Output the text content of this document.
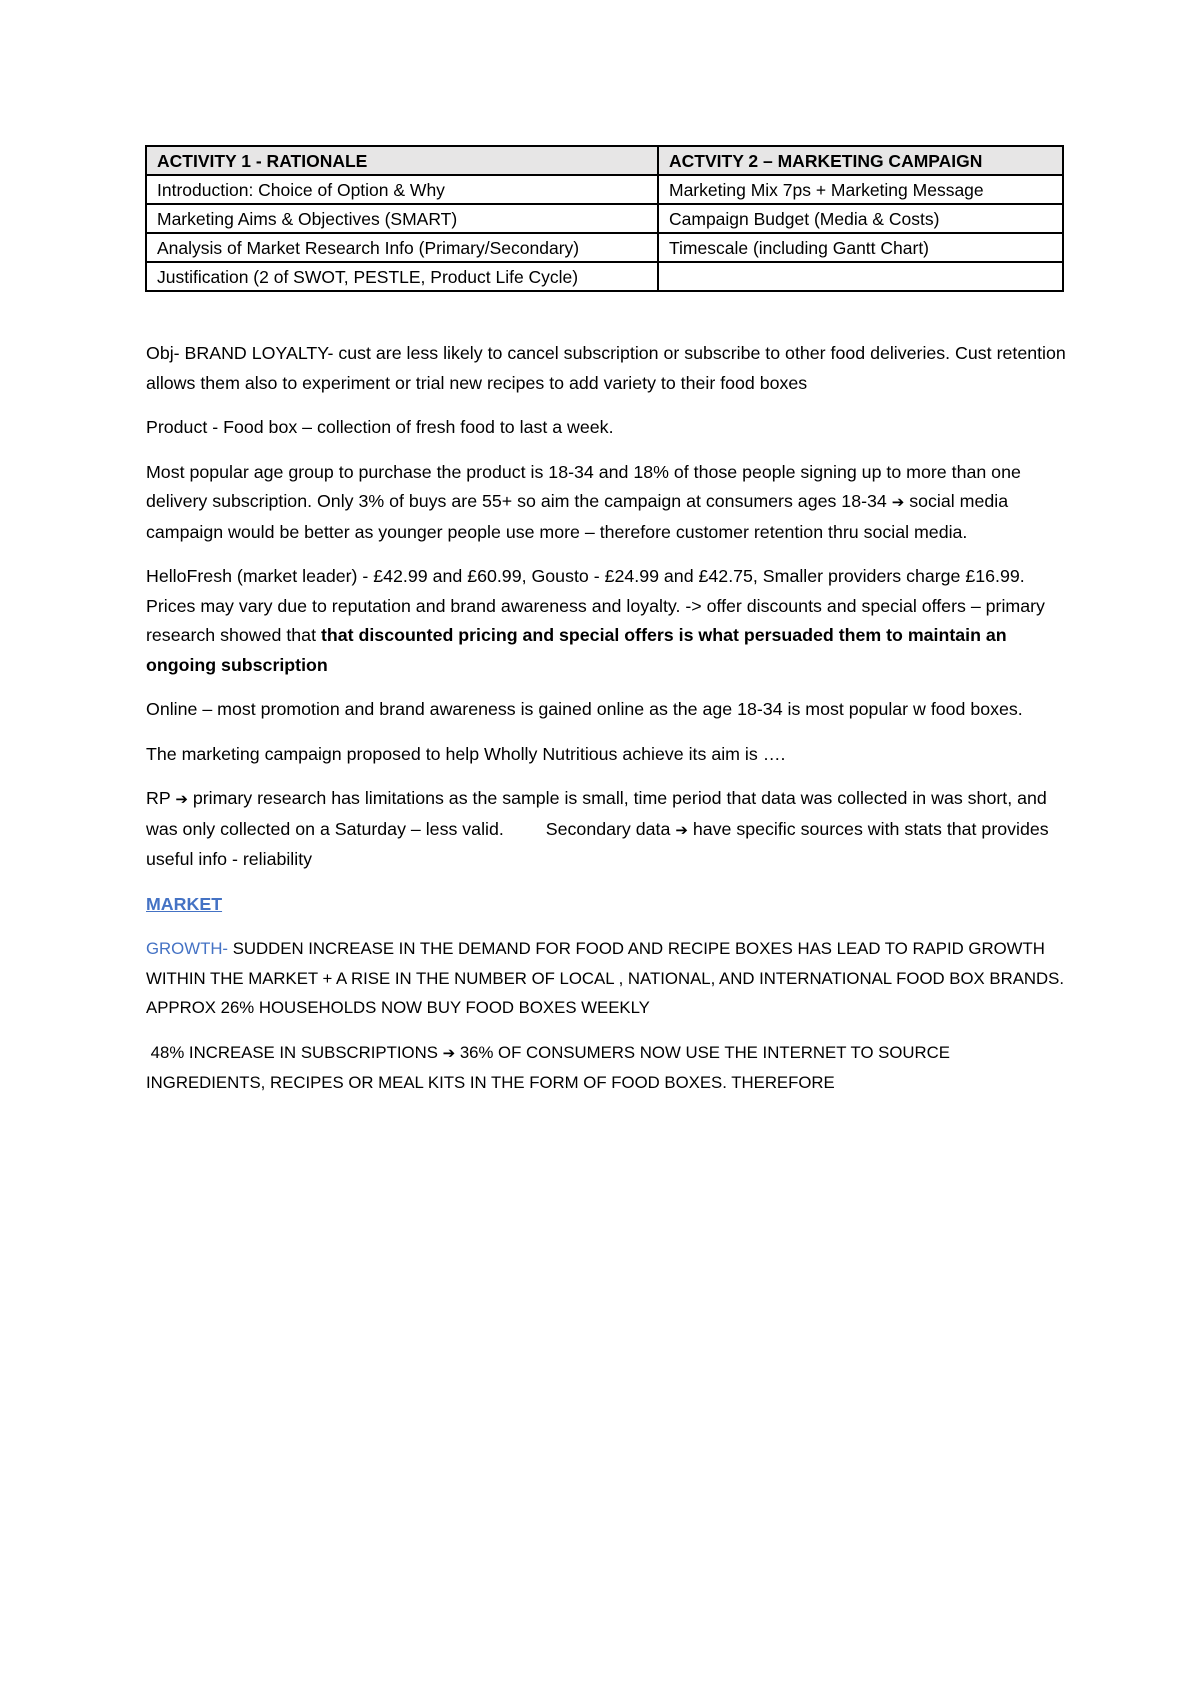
ACTIVITY 1 - RATIONALE	ACTVITY 2 – MARKETING CAMPAIGN
Introduction: Choice of Option & Why	Marketing Mix 7ps + Marketing Message
Marketing Aims & Objectives (SMART)	Campaign Budget (Media & Costs)
Analysis of Market Research Info (Primary/Secondary)	Timescale (including Gantt Chart)
Justification (2 of SWOT, PESTLE, Product Life Cycle)	

Obj- BRAND LOYALTY- cust are less likely to cancel subscription or subscribe to other food deliveries. Cust retention allows them also to experiment or trial new recipes to add variety to their food boxes

Product - Food box – collection of fresh food to last a week.

Most popular age group to purchase the product is 18-34 and 18% of those people signing up to more than one delivery subscription. Only 3% of buys are 55+ so aim the campaign at consumers ages 18-34 ➔ social media campaign would be better as younger people use more – therefore customer retention thru social media.

HelloFresh (market leader) - £42.99 and £60.99, Gousto - £24.99 and £42.75, Smaller providers charge £16.99. Prices may vary due to reputation and brand awareness and loyalty. -> offer discounts and special offers – primary research showed that that discounted pricing and special offers is what persuaded them to maintain an ongoing subscription

Online – most promotion and brand awareness is gained online as the age 18-34 is most popular w food boxes.

The marketing campaign proposed to help Wholly Nutritious achieve its aim is ….

RP ➔ primary research has limitations as the sample is small, time period that data was collected in was short, and was only collected on a Saturday – less valid. Secondary data ➔ have specific sources with stats that provides useful info - reliability

MARKET

GROWTH- SUDDEN INCREASE IN THE DEMAND FOR FOOD AND RECIPE BOXES HAS LEAD TO RAPID GROWTH WITHIN THE MARKET + A RISE IN THE NUMBER OF LOCAL , NATIONAL, AND INTERNATIONAL FOOD BOX BRANDS. APPROX 26% HOUSEHOLDS NOW BUY FOOD BOXES WEEKLY

48% INCREASE IN SUBSCRIPTIONS ➔ 36% OF CONSUMERS NOW USE THE INTERNET TO SOURCE INGREDIENTS, RECIPES OR MEAL KITS IN THE FORM OF FOOD BOXES. THEREFORE
